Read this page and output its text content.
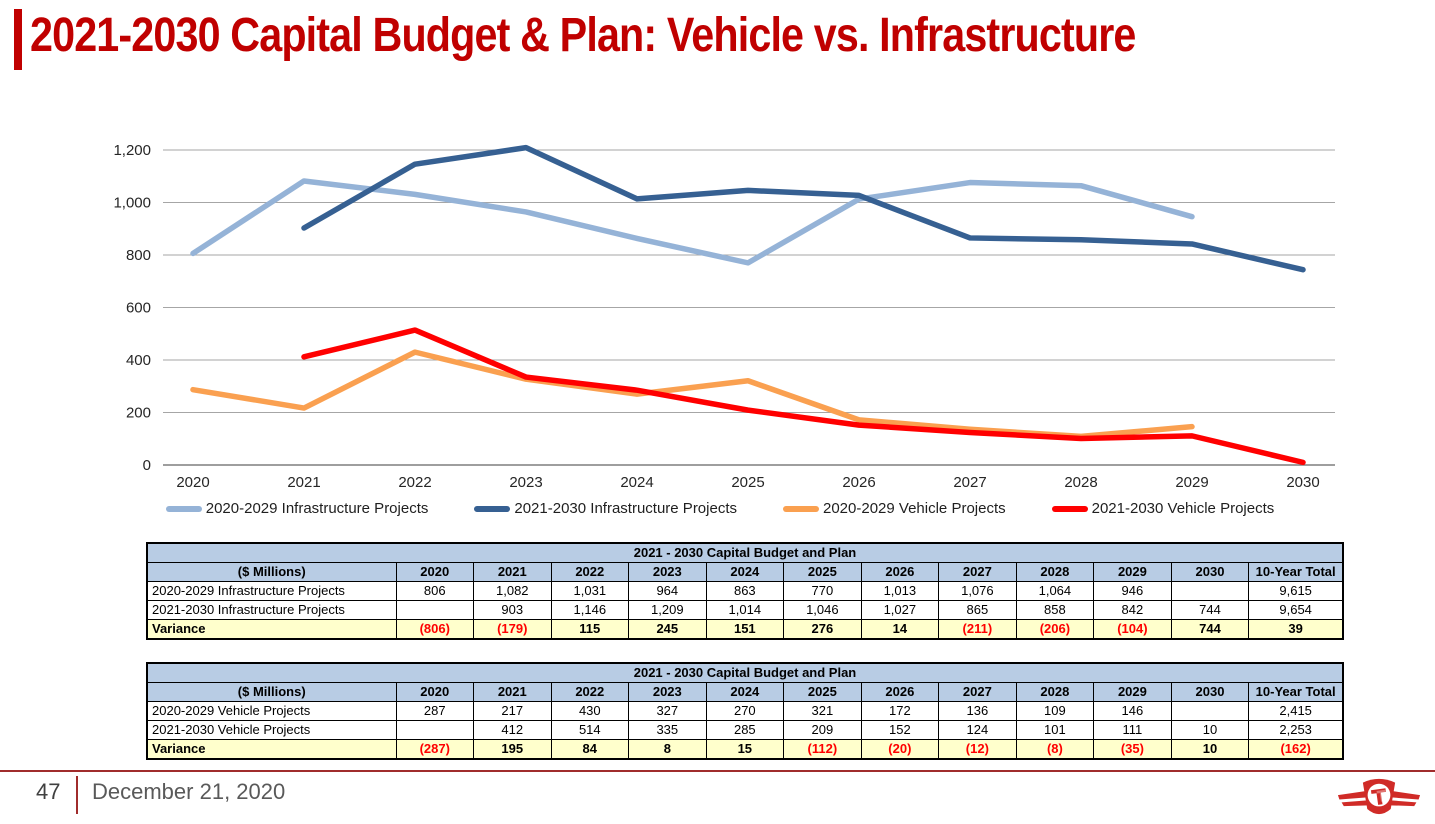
2021-2030 Capital Budget & Plan: Vehicle vs. Infrastructure
0
200
400
600
800
1,000
1,200
2020	2021	2022	2023	2024	2025	2026	2027	2028	2029	2030
2020-2029 Infrastructure Projects	2021-2030 Infrastructure Projects	2020-2029 Vehicle Projects	2021-2030 Vehicle Projects
2021 - 2030 Capital Budget and Plan												
($ Millions)	2020	2021	2022	2023	2024	2025	2026	2027	2028	2029	2030	10-Year Total
2020-2029 Infrastructure Projects	806	1,082	1,031	964	863	770	1,013	1,076	1,064	946		9,615
2021-2030 Infrastructure Projects		903	1,146	1,209	1,014	1,046	1,027	865	858	842	744	9,654
Variance	(806)	(179)	115	245	151	276	14	(211)	(206)	(104)	744	39
2021 - 2030 Capital Budget and Plan												
($ Millions)	2020	2021	2022	2023	2024	2025	2026	2027	2028	2029	2030	10-Year Total
2020-2029 Vehicle Projects	287	217	430	327	270	321	172	136	109	146		2,415
2021-2030 Vehicle Projects		412	514	335	285	209	152	124	101	111	10	2,253
Variance	(287)	195	84	8	15	(112)	(20)	(12)	(8)	(35)	10	(162)
47 December 21, 2020
